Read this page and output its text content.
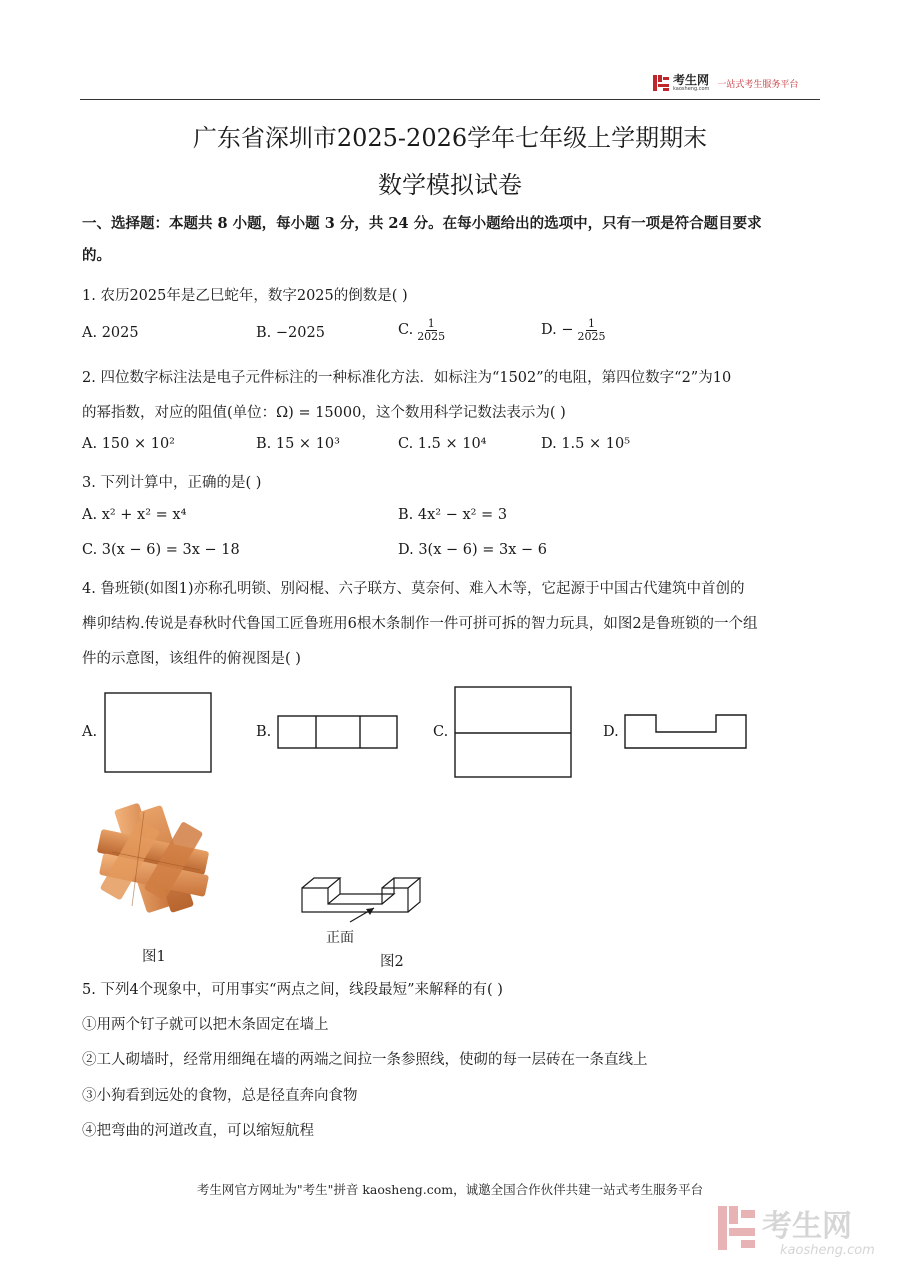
考生网
kaosheng.com 一站式考生服务平台
广东省深圳市2025-2026学年七年级上学期期末
数学模拟试卷
一、选择题：本题共 8 小题，每小题 3 分，共 24 分。在每小题给出的选项中，只有一项是符合题目要求
的。
1. 农历2025年是乙巳蛇年，数字2025的倒数是( )
A. 2025	B. −2025	C. $\frac{1}{2025}$	D. − $\frac{1}{2025}$
2. 四位数字标注法是电子元件标注的一种标准化方法．如标注为“1502”的电阻，第四位数字“2”为10
的幂指数，对应的阻值(单位：Ω) = 15000，这个数用科学记数法表示为( )
A. 150 × 10²	B. 15 × 10³	C. 1.5 × 10⁴	D. 1.5 × 10⁵
3. 下列计算中，正确的是( )
A. x² + x² = x⁴	B. 4x² − x² = 3
C. 3(x − 6) = 3x − 18	D. 3(x − 6) = 3x − 6
4. 鲁班锁(如图1)亦称孔明锁、别闷棍、六子联方、莫奈何、难入木等，它起源于中国古代建筑中首创的
榫卯结构.传说是春秋时代鲁国工匠鲁班用6根木条制作一件可拼可拆的智力玩具，如图2是鲁班锁的一个组
件的示意图，该组件的俯视图是( )
A.	B.	C.	D.
图1
正面
图2
5. 下列4个现象中，可用事实“两点之间，线段最短”来解释的有( )
①用两个钉子就可以把木条固定在墙上
②工人砌墙时，经常用细绳在墙的两端之间拉一条参照线，使砌的每一层砖在一条直线上
③小狗看到远处的食物，总是径直奔向食物
④把弯曲的河道改直，可以缩短航程
考生网官方网址为"考生"拼音 kaosheng.com，诚邀全国合作伙伴共建一站式考生服务平台
考生网
kaosheng.com
